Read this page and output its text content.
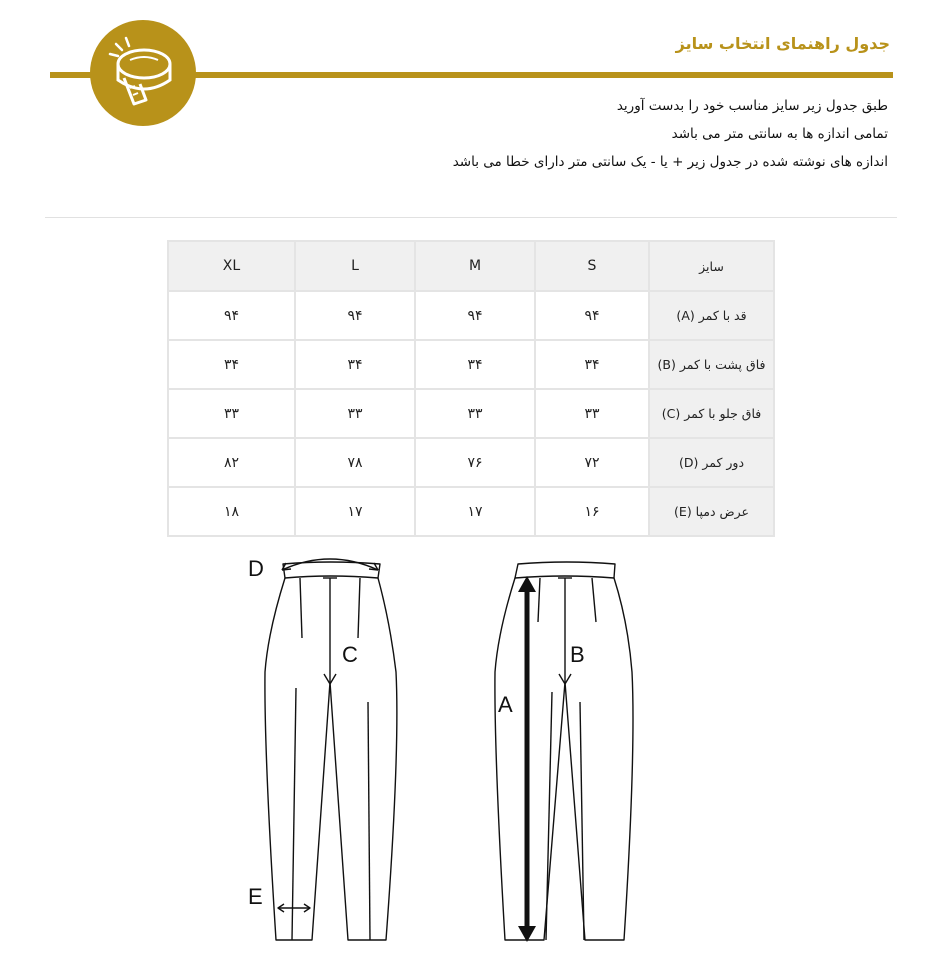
جدول راهنمای انتخاب سایز
طبق جدول زیر سایز مناسب خود را بدست آورید
تمامی اندازه ها به سانتی متر می باشد
اندازه های نوشته شده در جدول زیر + یا - یک سانتی متر دارای خطا می باشد
XL	L	M	S	سایز
۹۴	۹۴	۹۴	۹۴	قد با کمر (A)
۳۴	۳۴	۳۴	۳۴	فاق پشت با کمر (B)
۳۳	۳۳	۳۳	۳۳	فاق جلو با کمر (C)
۸۲	۷۸	۷۶	۷۲	دور کمر (D)
۱۸	۱۷	۱۷	۱۶	عرض دمپا (E)
D
C
E
B
A
